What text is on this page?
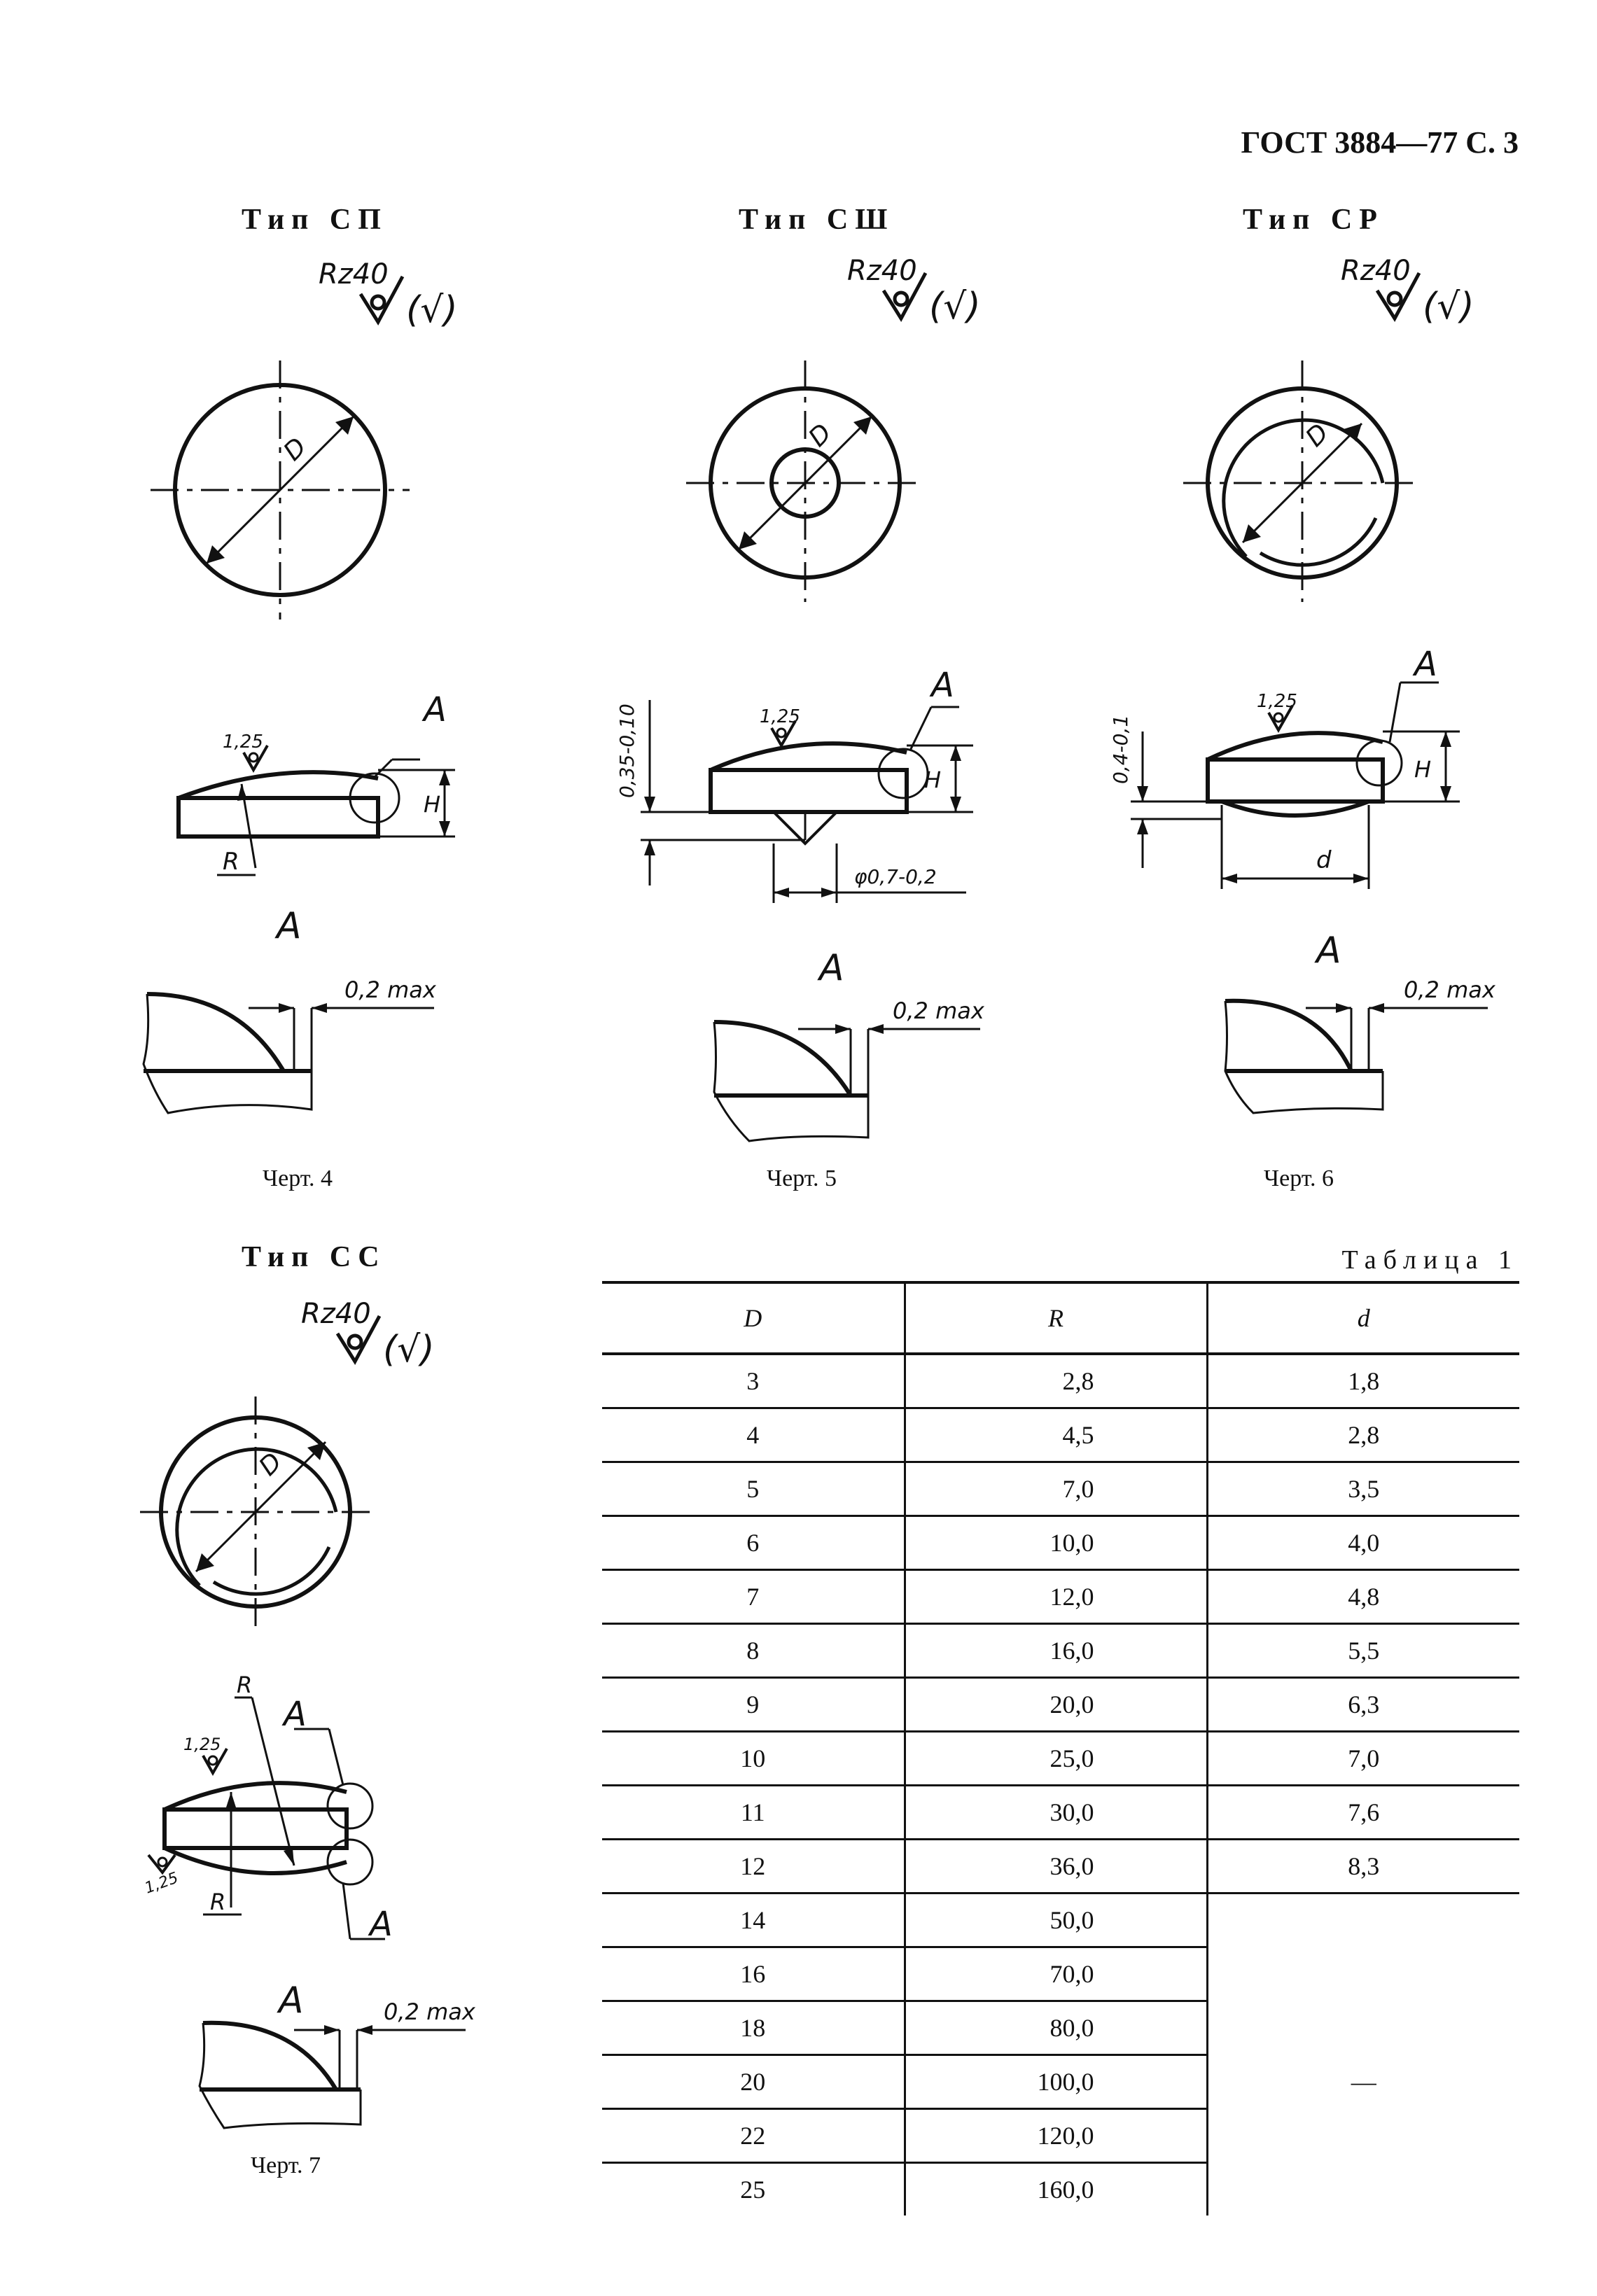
ГОСТ 3884—77 С. 3
Тип СП	Тип СШ	Тип СР
Тип СС
Черт. 4	Черт. 5	Черт. 6
Черт. 7
Rz40
(√)
D
A
H
1,25
R
A
0,2 max
Rz40
(√)
D
A
H
1,25
0,35-0,10
φ0,7-0,2
A
0,2 max
Rz40
(√)
D
A
H
1,25
0,4-0,1
d
A
0,2 max
Rz40
(√)
D
A
A
R
R
1,25
1,25
A	0,2 max
Таблица 1
D	R	d
3	2,8	1,8
4	4,5	2,8
5	7,0	3,5
6	10,0	4,0
7	12,0	4,8
8	16,0	5,5
9	20,0	6,3
10	25,0	7,0
11	30,0	7,6
12	36,0	8,3
14	50,0	
16	70,0	
18	80,0	
20	100,0	—
22	120,0	
25	160,0	
